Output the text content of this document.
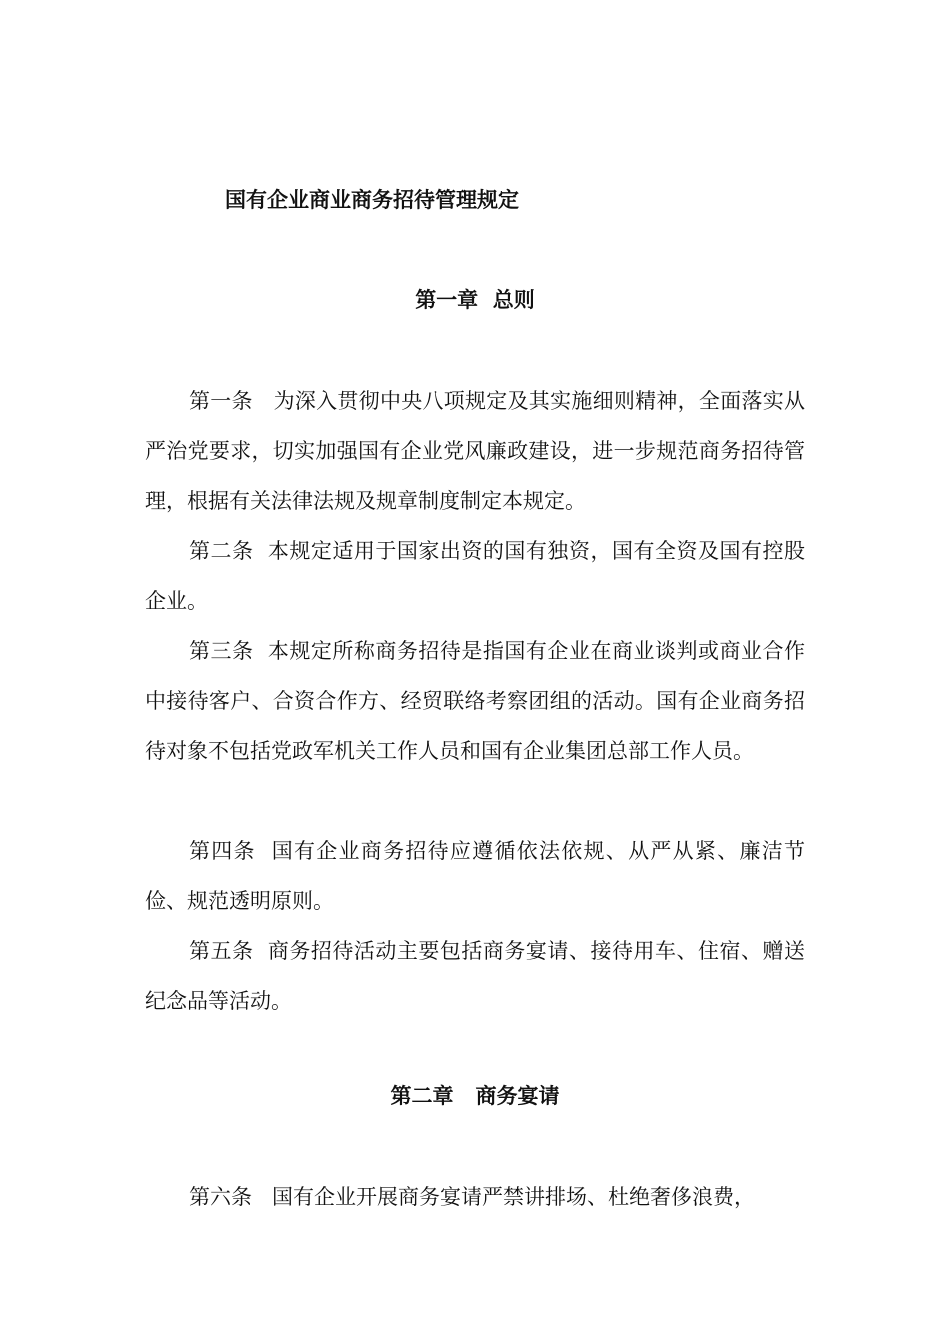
国有企业商业商务招待管理规定
第一章  总则

第一条   为深入贯彻中央八项规定及其实施细则精神，全面落实从严治党要求，切实加强国有企业党风廉政建设，进一步规范商务招待管理，根据有关法律法规及规章制度制定本规定。

第二条  本规定适用于国家出资的国有独资，国有全资及国有控股企业。

第三条  本规定所称商务招待是指国有企业在商业谈判或商业合作中接待客户、合资合作方、经贸联络考察团组的活动。国有企业商务招待对象不包括党政军机关工作人员和国有企业集团总部工作人员。

第四条  国有企业商务招待应遵循依法依规、从严从紧、廉洁节俭、规范透明原则。

第五条  商务招待活动主要包括商务宴请、接待用车、住宿、赠送纪念品等活动。

第二章   商务宴请

第六条   国有企业开展商务宴请严禁讲排场、杜绝奢侈浪费，
